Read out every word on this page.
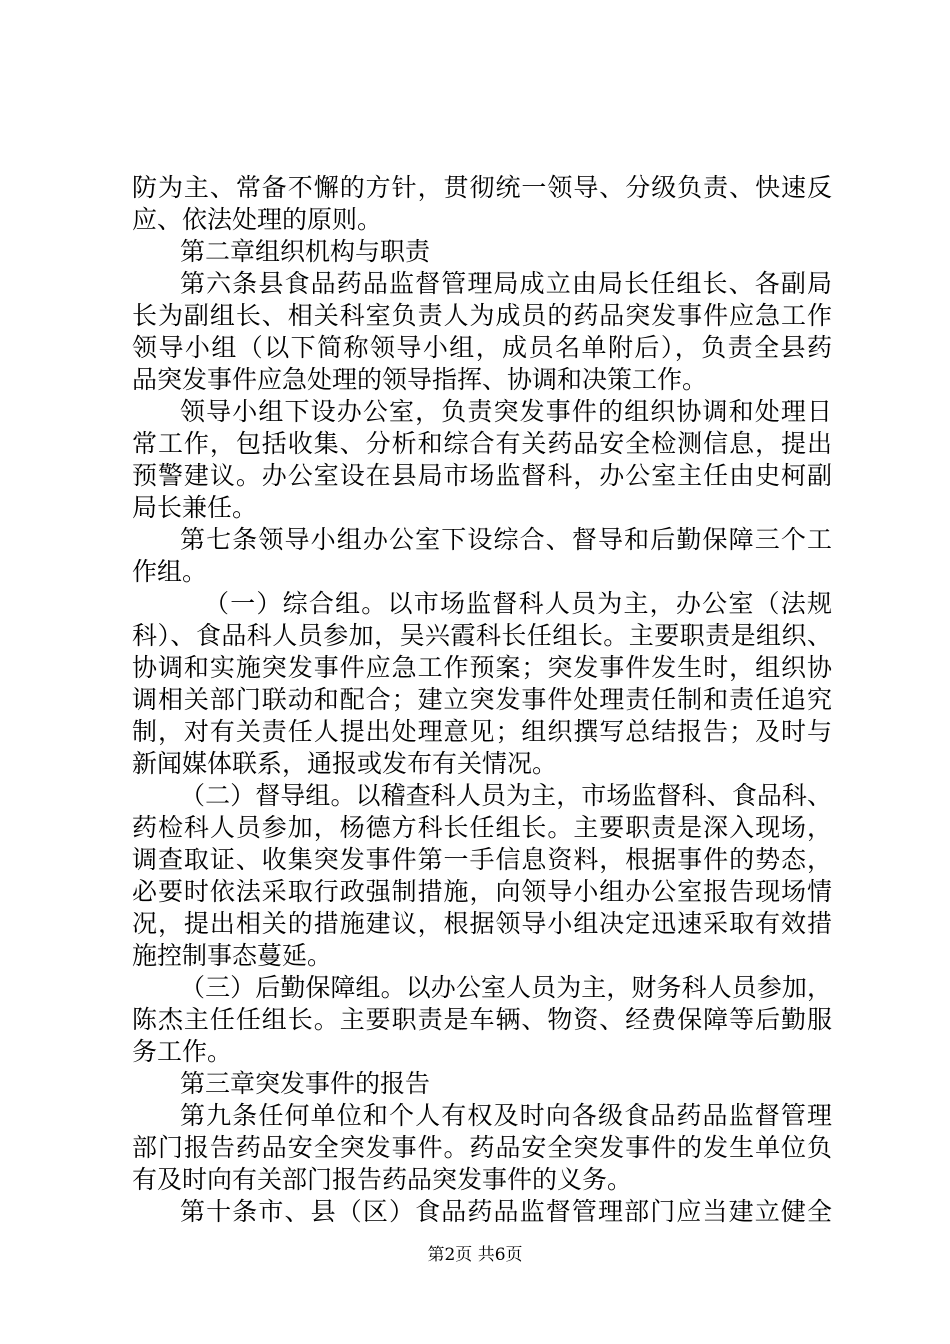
防为主、常备不懈的方针，贯彻统一领导、分级负责、快速反
应、依法处理的原则。
第二章组织机构与职责
第六条县食品药品监督管理局成立由局长任组长、各副局
长为副组长、相关科室负责人为成员的药品突发事件应急工作
领导小组（以下简称领导小组，成员名单附后），负责全县药
品突发事件应急处理的领导指挥、协调和决策工作。
领导小组下设办公室，负责突发事件的组织协调和处理日
常工作，包括收集、分析和综合有关药品安全检测信息，提出
预警建议。办公室设在县局市场监督科，办公室主任由史柯副
局长兼任。
第七条领导小组办公室下设综合、督导和后勤保障三个工
作组。
（一）综合组。以市场监督科人员为主，办公室（法规
科）、食品科人员参加，吴兴霞科长任组长。主要职责是组织、
协调和实施突发事件应急工作预案；突发事件发生时，组织协
调相关部门联动和配合；建立突发事件处理责任制和责任追究
制，对有关责任人提出处理意见；组织撰写总结报告；及时与
新闻媒体联系，通报或发布有关情况。
（二）督导组。以稽查科人员为主，市场监督科、食品科、
药检科人员参加，杨德方科长任组长。主要职责是深入现场，
调查取证、收集突发事件第一手信息资料，根据事件的势态，
必要时依法采取行政强制措施，向领导小组办公室报告现场情
况，提出相关的措施建议，根据领导小组决定迅速采取有效措
施控制事态蔓延。
（三）后勤保障组。以办公室人员为主，财务科人员参加，
陈杰主任任组长。主要职责是车辆、物资、经费保障等后勤服
务工作。
第三章突发事件的报告
第九条任何单位和个人有权及时向各级食品药品监督管理
部门报告药品安全突发事件。药品安全突发事件的发生单位负
有及时向有关部门报告药品突发事件的义务。
第十条市、县（区）食品药品监督管理部门应当建立健全
第2页 共6页
